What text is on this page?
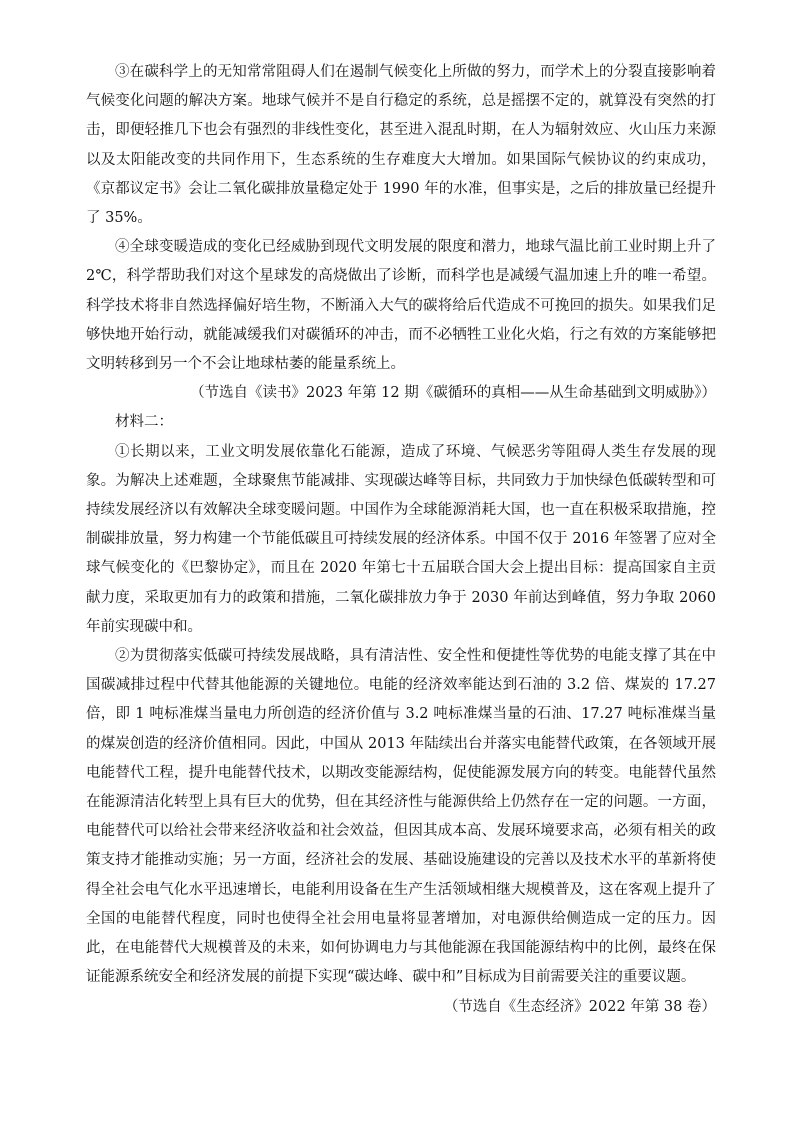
③在碳科学上的无知常常阻碍人们在遏制气候变化上所做的努力，而学术上的分裂直接影响着气候变化问题的解决方案。地球气候并不是自行稳定的系统，总是摇摆不定的，就算没有突然的打击，即便轻推几下也会有强烈的非线性变化，甚至进入混乱时期，在人为辐射效应、火山压力来源以及太阳能改变的共同作用下，生态系统的生存难度大大增加。如果国际气候协议的约束成功，《京都议定书》会让二氧化碳排放量稳定处于 1990 年的水准，但事实是，之后的排放量已经提升了 35%。

④全球变暖造成的变化已经威胁到现代文明发展的限度和潜力，地球气温比前工业时期上升了 2℃，科学帮助我们对这个星球发的高烧做出了诊断，而科学也是减缓气温加速上升的唯一希望。科学技术将非自然选择偏好培生物，不断涌入大气的碳将给后代造成不可挽回的损失。如果我们足够快地开始行动，就能减缓我们对碳循环的冲击，而不必牺牲工业化火焰，行之有效的方案能够把文明转移到另一个不会让地球枯萎的能量系统上。

（节选自《读书》2023 年第 12 期《碳循环的真相——从生命基础到文明威胁》）

材料二：

①长期以来，工业文明发展依靠化石能源，造成了环境、气候恶劣等阻碍人类生存发展的现象。为解决上述难题，全球聚焦节能减排、实现碳达峰等目标，共同致力于加快绿色低碳转型和可持续发展经济以有效解决全球变暖问题。中国作为全球能源消耗大国，也一直在积极采取措施，控制碳排放量，努力构建一个节能低碳且可持续发展的经济体系。中国不仅于 2016 年签署了应对全球气候变化的《巴黎协定》，而且在 2020 年第七十五届联合国大会上提出目标：提高国家自主贡献力度，采取更加有力的政策和措施，二氧化碳排放力争于 2030 年前达到峰值，努力争取 2060 年前实现碳中和。

②为贯彻落实低碳可持续发展战略，具有清洁性、安全性和便捷性等优势的电能支撑了其在中国碳减排过程中代替其他能源的关键地位。电能的经济效率能达到石油的 3.2 倍、煤炭的 17.27 倍，即 1 吨标准煤当量电力所创造的经济价值与 3.2 吨标准煤当量的石油、17.27 吨标准煤当量的煤炭创造的经济价值相同。因此，中国从 2013 年陆续出台并落实电能替代政策，在各领域开展电能替代工程，提升电能替代技术，以期改变能源结构，促使能源发展方向的转变。电能替代虽然在能源清洁化转型上具有巨大的优势，但在其经济性与能源供给上仍然存在一定的问题。一方面，电能替代可以给社会带来经济收益和社会效益，但因其成本高、发展环境要求高，必须有相关的政策支持才能推动实施；另一方面，经济社会的发展、基础设施建设的完善以及技术水平的革新将使得全社会电气化水平迅速增长，电能利用设备在生产生活领域相继大规模普及，这在客观上提升了全国的电能替代程度，同时也使得全社会用电量将显著增加，对电源供给侧造成一定的压力。因此，在电能替代大规模普及的未来，如何协调电力与其他能源在我国能源结构中的比例，最终在保证能源系统安全和经济发展的前提下实现“碳达峰、碳中和”目标成为目前需要关注的重要议题。

（节选自《生态经济》2022 年第 38 卷）
